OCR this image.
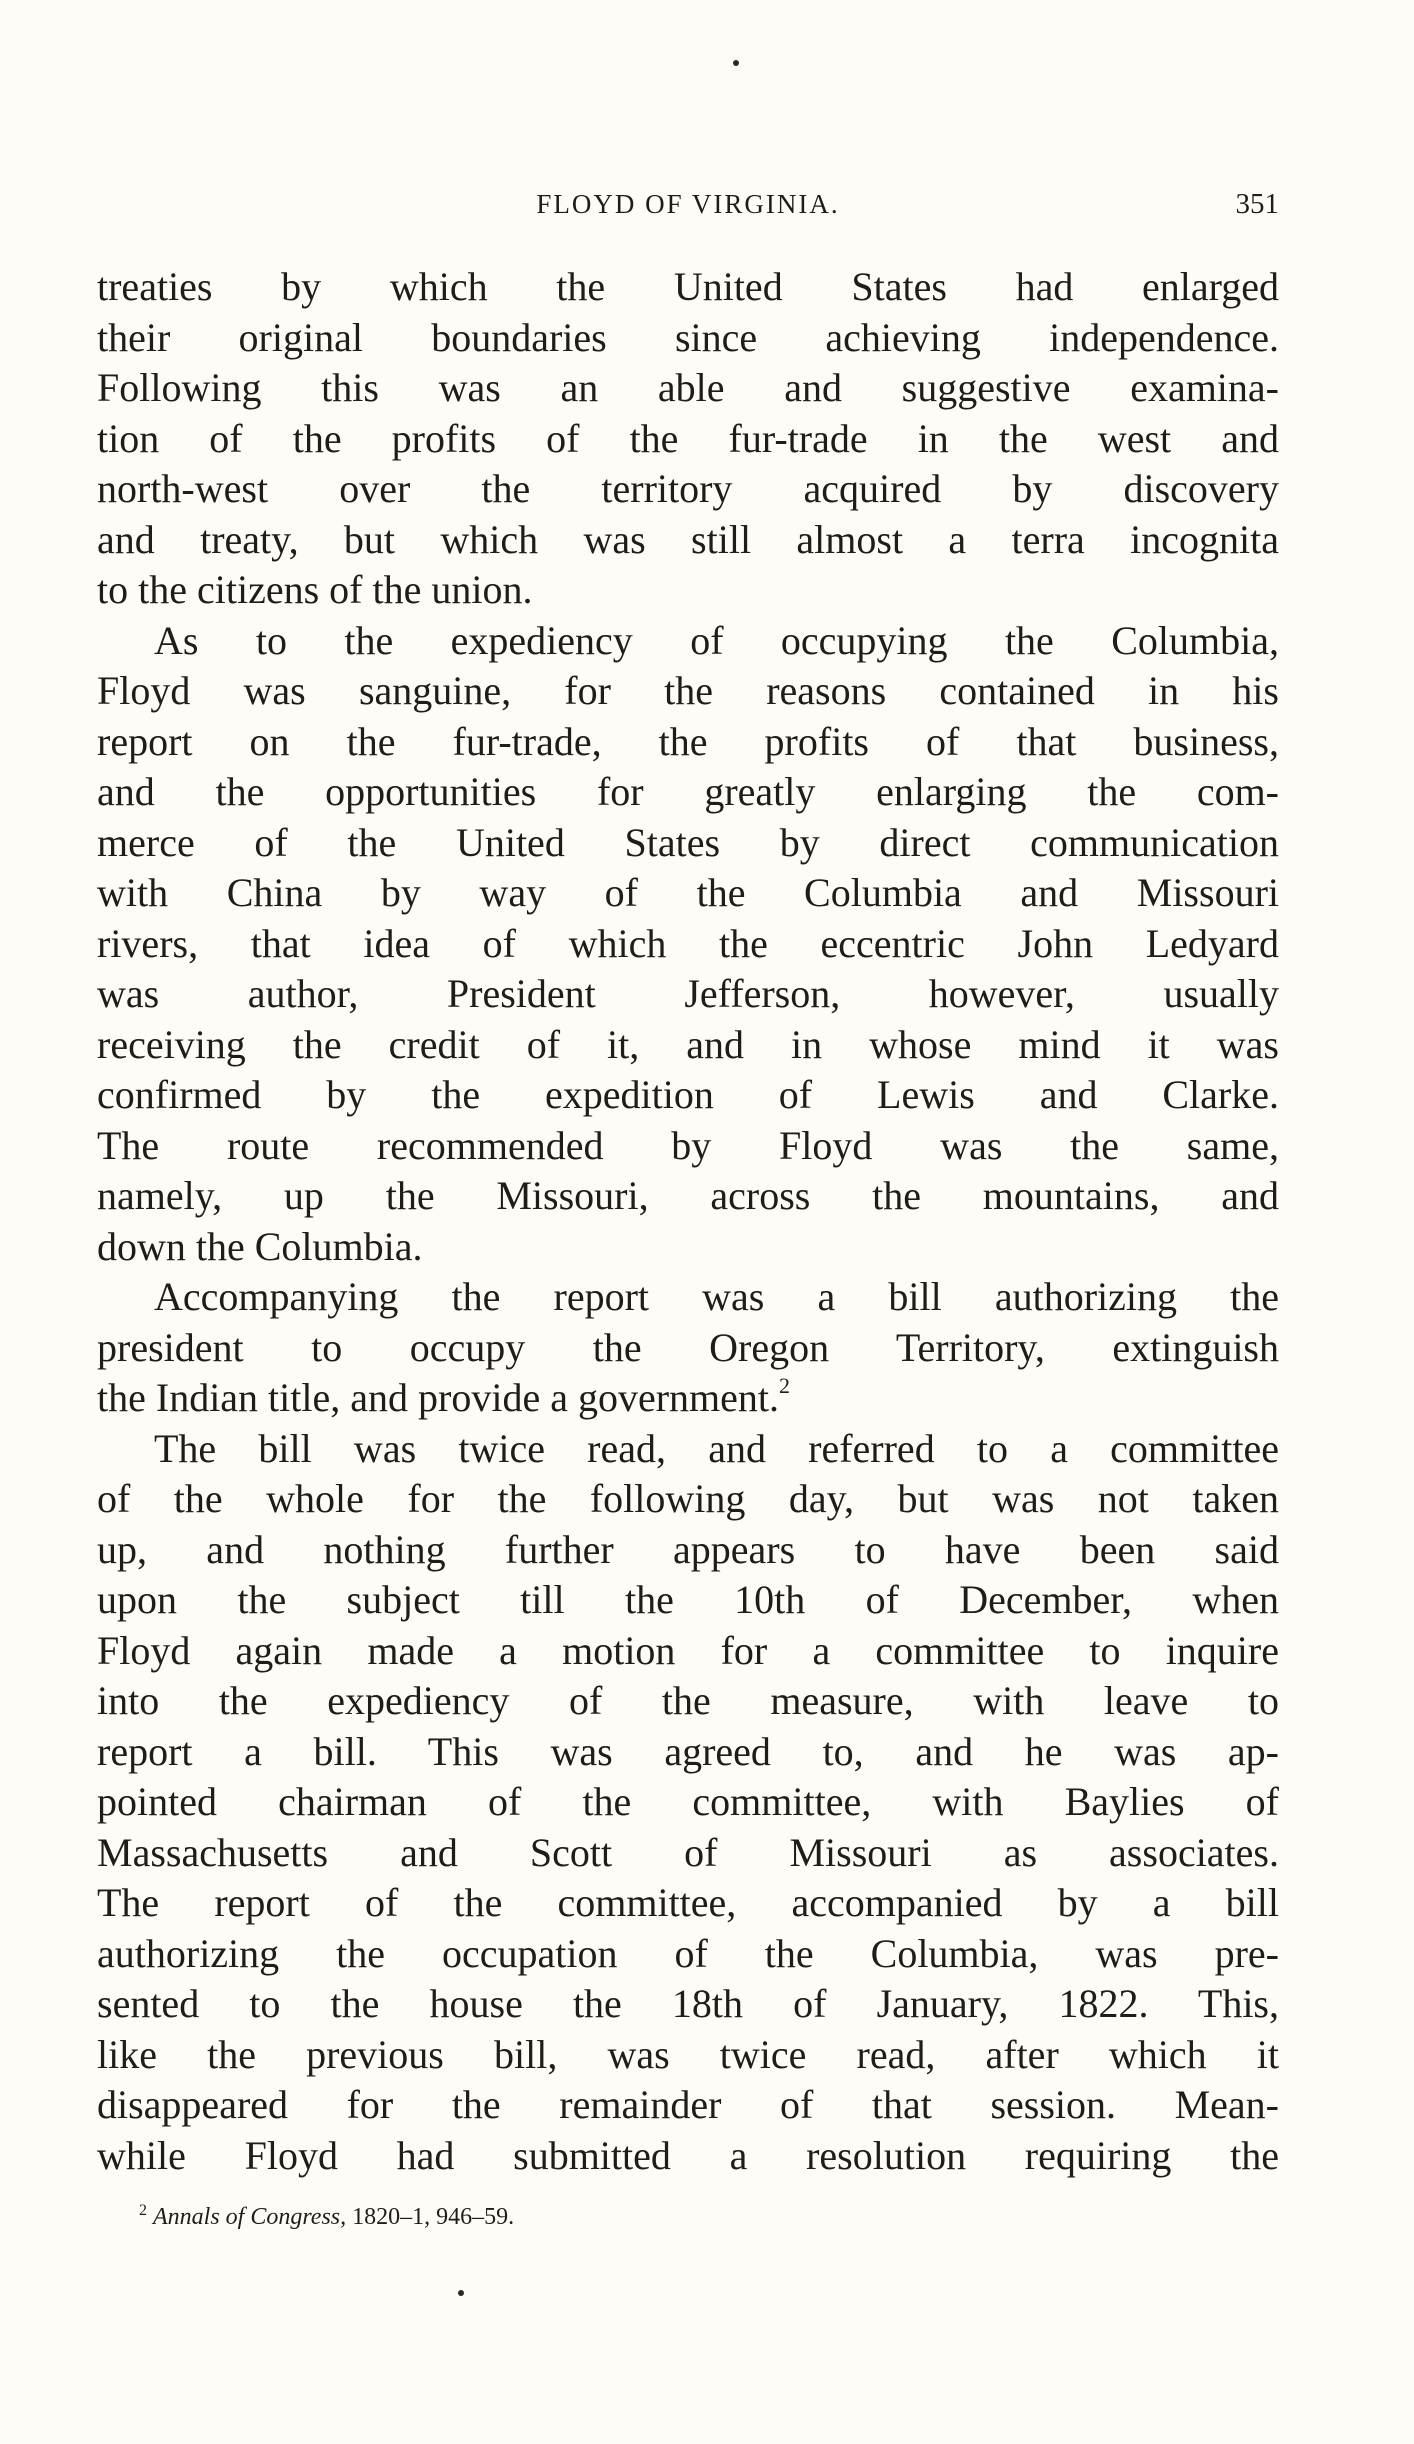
FLOYD OF VIRGINIA.	351
treaties by which the United States had enlarged
their original boundaries since achieving independence.
Following this was an able and suggestive examina-
tion of the profits of the fur-trade in the west and
north-west over the territory acquired by discovery
and treaty, but which was still almost a terra incognita
to the citizens of the union.
As to the expediency of occupying the Columbia,
Floyd was sanguine, for the reasons contained in his
report on the fur-trade, the profits of that business,
and the opportunities for greatly enlarging the com-
merce of the United States by direct communication
with China by way of the Columbia and Missouri
rivers, that idea of which the eccentric John Ledyard
was author, President Jefferson, however, usually
receiving the credit of it, and in whose mind it was
confirmed by the expedition of Lewis and Clarke.
The route recommended by Floyd was the same,
namely, up the Missouri, across the mountains, and
down the Columbia.
Accompanying the report was a bill authorizing the
president to occupy the Oregon Territory, extinguish
the Indian title, and provide a government.$^2$
The bill was twice read, and referred to a committee
of the whole for the following day, but was not taken
up, and nothing further appears to have been said
upon the subject till the 10th of December, when
Floyd again made a motion for a committee to inquire
into the expediency of the measure, with leave to
report a bill. This was agreed to, and he was ap-
pointed chairman of the committee, with Baylies of
Massachusetts and Scott of Missouri as associates.
The report of the committee, accompanied by a bill
authorizing the occupation of the Columbia, was pre-
sented to the house the 18th of January, 1822. This,
like the previous bill, was twice read, after which it
disappeared for the remainder of that session. Mean-
while Floyd had submitted a resolution requiring the
$^2$ Annals of Congress, 1820–1, 946–59.
